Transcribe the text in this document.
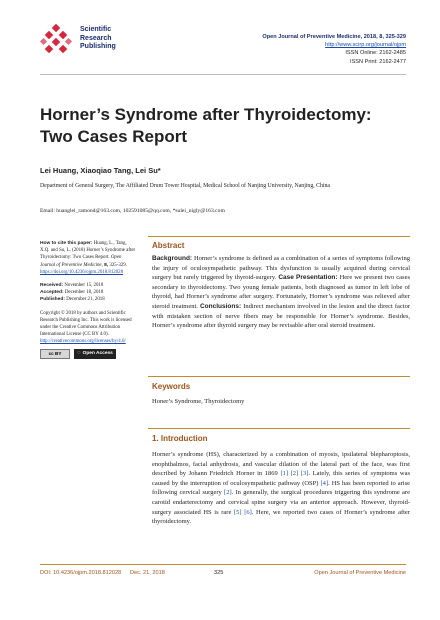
Scientific
Research
Publishing
Open Journal of Preventive Medicine, 2018, 8, 325-329
http://www.scirp.org/journal/ojpm
ISSN Online: 2162-2485
ISSN Print: 2162-2477
Horner’s Syndrome after Thyroidectomy: Two Cases Report
Lei Huang, Xiaoqiao Tang, Lei Su*
Department of General Surgery, The Affiliated Drum Tower Hospital, Medical School of Nanjing University, Nanjing, China
Email: huanglei_ramond@163.com, 102591085@qq.com, *sulei_nigly@163.com
How to cite this paper: Huang, L., Tang, X.Q. and Su, L. (2018) Horner’s Syndrome after Thyroidectomy: Two Cases Report. Open Journal of Preventive Medicine, 8, 325-329.
https://doi.org/10.4236/ojpm.2018.812028
Received: November 15, 2018
Accepted: December 18, 2018
Published: December 21, 2018
Copyright © 2018 by authors and Scientific Research Publishing Inc. This work is licensed under the Creative Commons Attribution International License (CC BY 4.0).
http://creativecommons.org/licenses/by/4.0/
cc BY	○ Open Access
Abstract
Background: Horner’s syndrome is defined as a combination of a series of symptoms following the injury of oculosympathetic pathway. This dysfunction is usually acquired during cervical surgery but rarely triggered by thyroid-surgery. Case Presentation: Here we present two cases secondary to thyroidectomy. Two young female patients, both diagnosed as tumor in left lobe of thyroid, had Horner’s syndrome after surgery. Fortunately, Horner’s syndrome was relieved after steroid treatment. Conclusions: Indirect mechanism involved in the lesion and the direct factor with mistaken section of nerve fibers may be responsible for Horner’s syndrome. Besides, Horner’s syndrome after thyroid surgery may be revisable after oral steroid treatment.
Keywords
Honer’s Syndrome, Thyroidectomy
1. Introduction
Horner’s syndrome (HS), characterized by a combination of myosis, ipsilateral blepharoptosis, enophthalmos, facial anhydrosis, and vascular dilation of the lateral part of the face, was first described by Johann Friedrich Horner in 1869 [1] [2] [3]. Lately, this series of symptoms was caused by the interruption of oculosympathetic pathway (OSP) [4]. HS has been reported to arise following cervical surgery [2]. In generally, the surgical procedures triggering this syndrome are carotid endarterectomy and cervical spine surgery via an anterior approach. However, thyroid-surgery associated HS is rare [5] [6]. Here, we reported two cases of Horner’s syndrome after thyroidectomy.
DOI: 10.4236/ojpm.2018.812028 Dec. 21, 2018	325	Open Journal of Preventive Medicine
